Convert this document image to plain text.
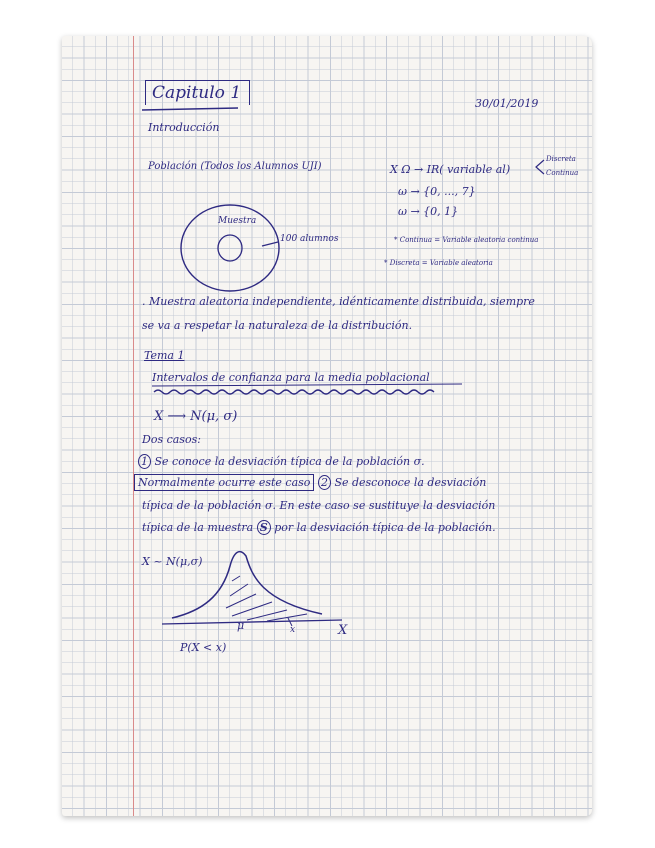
Capitulo 1
30/01/2019
Introducción
Población (Todos los Alumnos UJI)	X Ω → IR( variable al)
Discreta
Continua
ω → {0, ..., 7}
ω → {0, 1}
Muestra
100 alumnos	* Continua = Variable aleatoria continua
* Discreta = Variable aleatoria
. Muestra aleatoria independiente, idénticamente distribuida, siempre
se va a respetar la naturaleza de la distribución.
Tema 1
Intervalos de confianza para la media poblacional
X ⟶ N(μ, σ)
Dos casos:
1 Se conoce la desviación típica de la población σ.
Normalmente ocurre este caso 2 Se desconoce la desviación
típica de la población σ. En este caso se sustituye la desviación
típica de la muestra S por la desviación típica de la población.
X ~ N(μ,σ)
μ	x	X
P(X < x)
